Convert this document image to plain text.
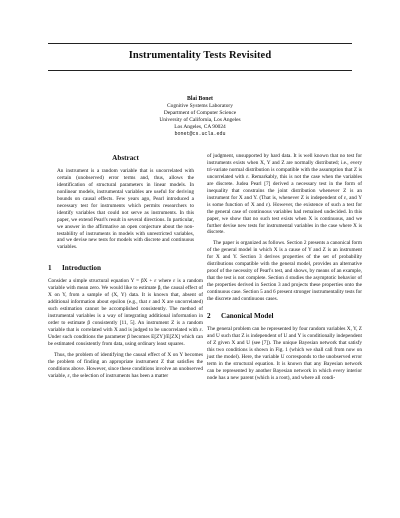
Instrumentality Tests Revisited
Blai Bonet
Cognitive Systems Laboratory
Department of Computer Science
University of California, Los Angeles
Los Angeles, CA 90024
bonet@cs.ucla.edu
Abstract
An instrument is a random variable that is uncorrelated with certain (unobserved) error terms and, thus, allows the identification of structural parameters in linear models. In nonlinear models, instrumental variables are useful for deriving bounds on causal effects. Few years ago, Pearl introduced a necessary test for instruments which permits researchers to identify variables that could not serve as instruments. In this paper, we extend Pearl's result in several directions. In particular, we answer in the affirmative an open conjecture about the non-testability of instruments in models with unrestricted variables, and we devise new tests for models with discrete and continuous variables.
1 Introduction

Consider a simple structural equation Y = βX + ε where ε is a random variable with mean zero. We would like to estimate β, the causal effect of X on Y, from a sample of (X, Y) data. It is known that, absent of additional information about epsilon (e.g., that ε and X are uncorrelated) such estimation cannot be accomplished consistently. The method of instrumental variables is a way of integrating additional information in order to estimate β consistently [11, 5]. An instrument Z is a random variable that is correlated with X and is judged to be uncorrelated with ε. Under such conditions the parameter β becomes E[ZY]/E[ZX] which can be estimated consistently from data, using ordinary least squares.

Thus, the problem of identifying the causal effect of X on Y becomes the problem of finding an appropriate instrument Z that satisfies the conditions above. However, since these conditions involve an unobserved variable, ε, the selection of instruments has been a matter

of judgment, unsupported by hard data. It is well known that no test for instruments exists when X, Y and Z are normally distributed; i.e., every tri-variate normal distribution is compatible with the assumption that Z is uncorrelated with ε. Remarkably, this is not the case when the variables are discrete. Judea Pearl [7] derived a necessary test in the form of inequality that constrains the joint distribution whenever Z is an instrument for X and Y. (That is, whenever Z is independent of ε, and Y is some function of X and ε). However, the existence of such a test for the general case of continuous variables had remained undecided. In this paper, we show that no such test exists when X is continuous, and we further devise new tests for instrumental variables in the case where X is discrete.

The paper is organized as follows. Section 2 presents a canonical form of the general model in which X is a cause of Y and Z is an instrument for X and Y. Section 3 derives properties of the set of probability distributions compatible with the general model, provides an alternative proof of the necessity of Pearl's test, and shows, by means of an example, that the test is not complete. Section 4 studies the asymptotic behavior of the properties derived in Section 3 and projects these properties onto the continuous case. Section 5 and 6 present stronger instrumentality tests for the discrete and continuous cases.

2 Canonical Model

The general problem can be represented by four random variables X, Y, Z and U such that Z is independent of U and Y is conditionally independent of Z given X and U (see [7]). The unique Bayesian network that satisfy this two conditions is shown in Fig. 1 (which we shall call from now on just the model). Here, the variable U corresponds to the unobserved error term in the structural equation. It is known that any Bayesian network can be represented by another Bayesian network in which every interior node has a new parent (which is a root), and where all condi-
